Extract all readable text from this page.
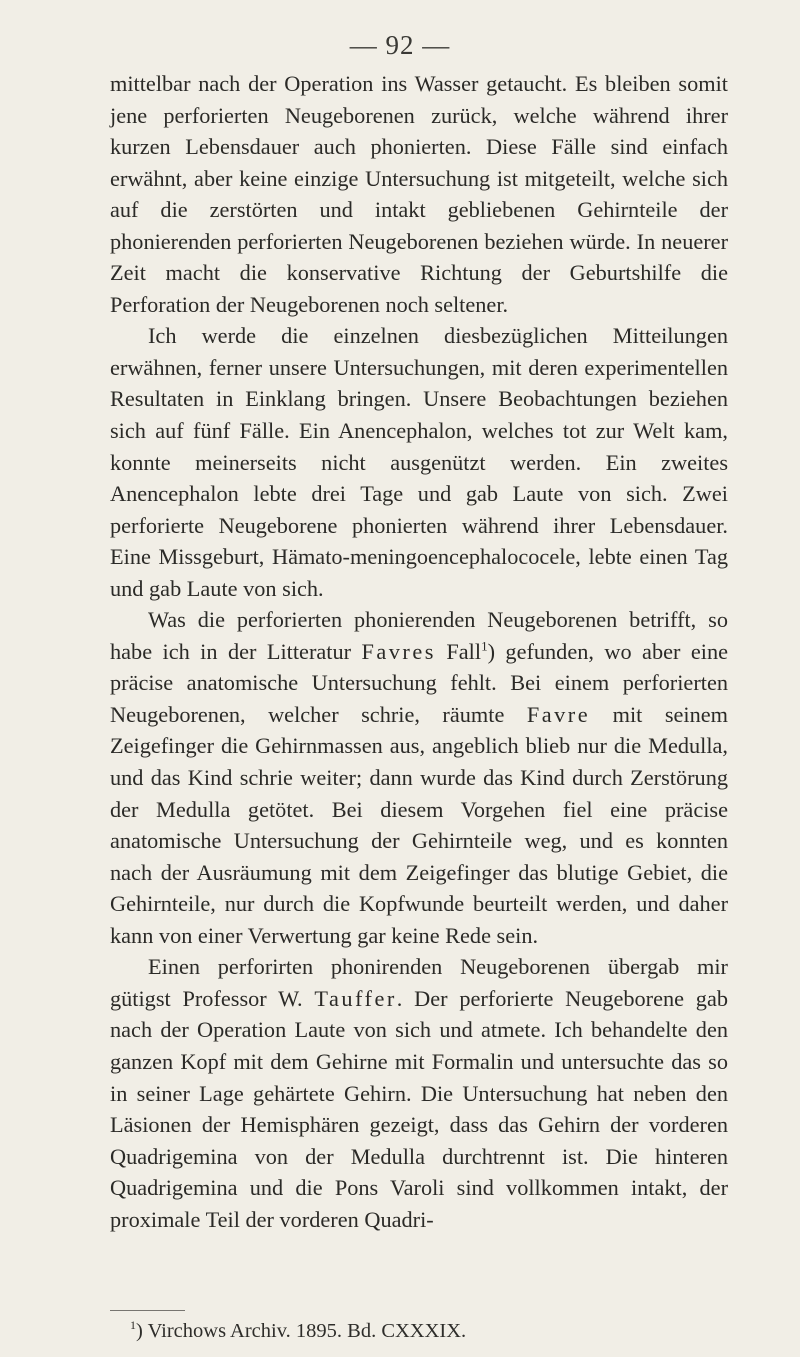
— 92 —

mittelbar nach der Operation ins Wasser getaucht. Es bleiben somit jene perforierten Neugeborenen zurück, welche während ihrer kurzen Lebensdauer auch phonierten. Diese Fälle sind einfach erwähnt, aber keine einzige Untersuchung ist mitgeteilt, welche sich auf die zerstörten und intakt gebliebenen Gehirnteile der phonierenden perforierten Neugeborenen beziehen würde. In neuerer Zeit macht die konservative Richtung der Geburtshilfe die Perforation der Neugeborenen noch seltener.

Ich werde die einzelnen diesbezüglichen Mitteilungen erwähnen, ferner unsere Untersuchungen, mit deren experimentellen Resultaten in Einklang bringen. Unsere Beobachtungen beziehen sich auf fünf Fälle. Ein Anencephalon, welches tot zur Welt kam, konnte meinerseits nicht ausgenützt werden. Ein zweites Anencephalon lebte drei Tage und gab Laute von sich. Zwei perforierte Neugeborene phonierten während ihrer Lebensdauer. Eine Missgeburt, Hämato-meningoencephalococele, lebte einen Tag und gab Laute von sich.

Was die perforierten phonierenden Neugeborenen betrifft, so habe ich in der Litteratur Favres Fall$^1$) gefunden, wo aber eine präcise anatomische Untersuchung fehlt. Bei einem perforierten Neugeborenen, welcher schrie, räumte Favre mit seinem Zeigefinger die Gehirnmassen aus, angeblich blieb nur die Medulla, und das Kind schrie weiter; dann wurde das Kind durch Zerstörung der Medulla getötet. Bei diesem Vorgehen fiel eine präcise anatomische Untersuchung der Gehirnteile weg, und es konnten nach der Ausräumung mit dem Zeigefinger das blutige Gebiet, die Gehirnteile, nur durch die Kopfwunde beurteilt werden, und daher kann von einer Verwertung gar keine Rede sein.

Einen perforirten phonirenden Neugeborenen übergab mir gütigst Professor W. Tauffer. Der perforierte Neugeborene gab nach der Operation Laute von sich und atmete. Ich behandelte den ganzen Kopf mit dem Gehirne mit Formalin und untersuchte das so in seiner Lage gehärtete Gehirn. Die Untersuchung hat neben den Läsionen der Hemisphären gezeigt, dass das Gehirn der vorderen Quadrigemina von der Medulla durchtrennt ist. Die hinteren Quadrigemina und die Pons Varoli sind vollkommen intakt, der proximale Teil der vorderen Quadri-

$^1$) Virchows Archiv. 1895. Bd. CXXXIX.
